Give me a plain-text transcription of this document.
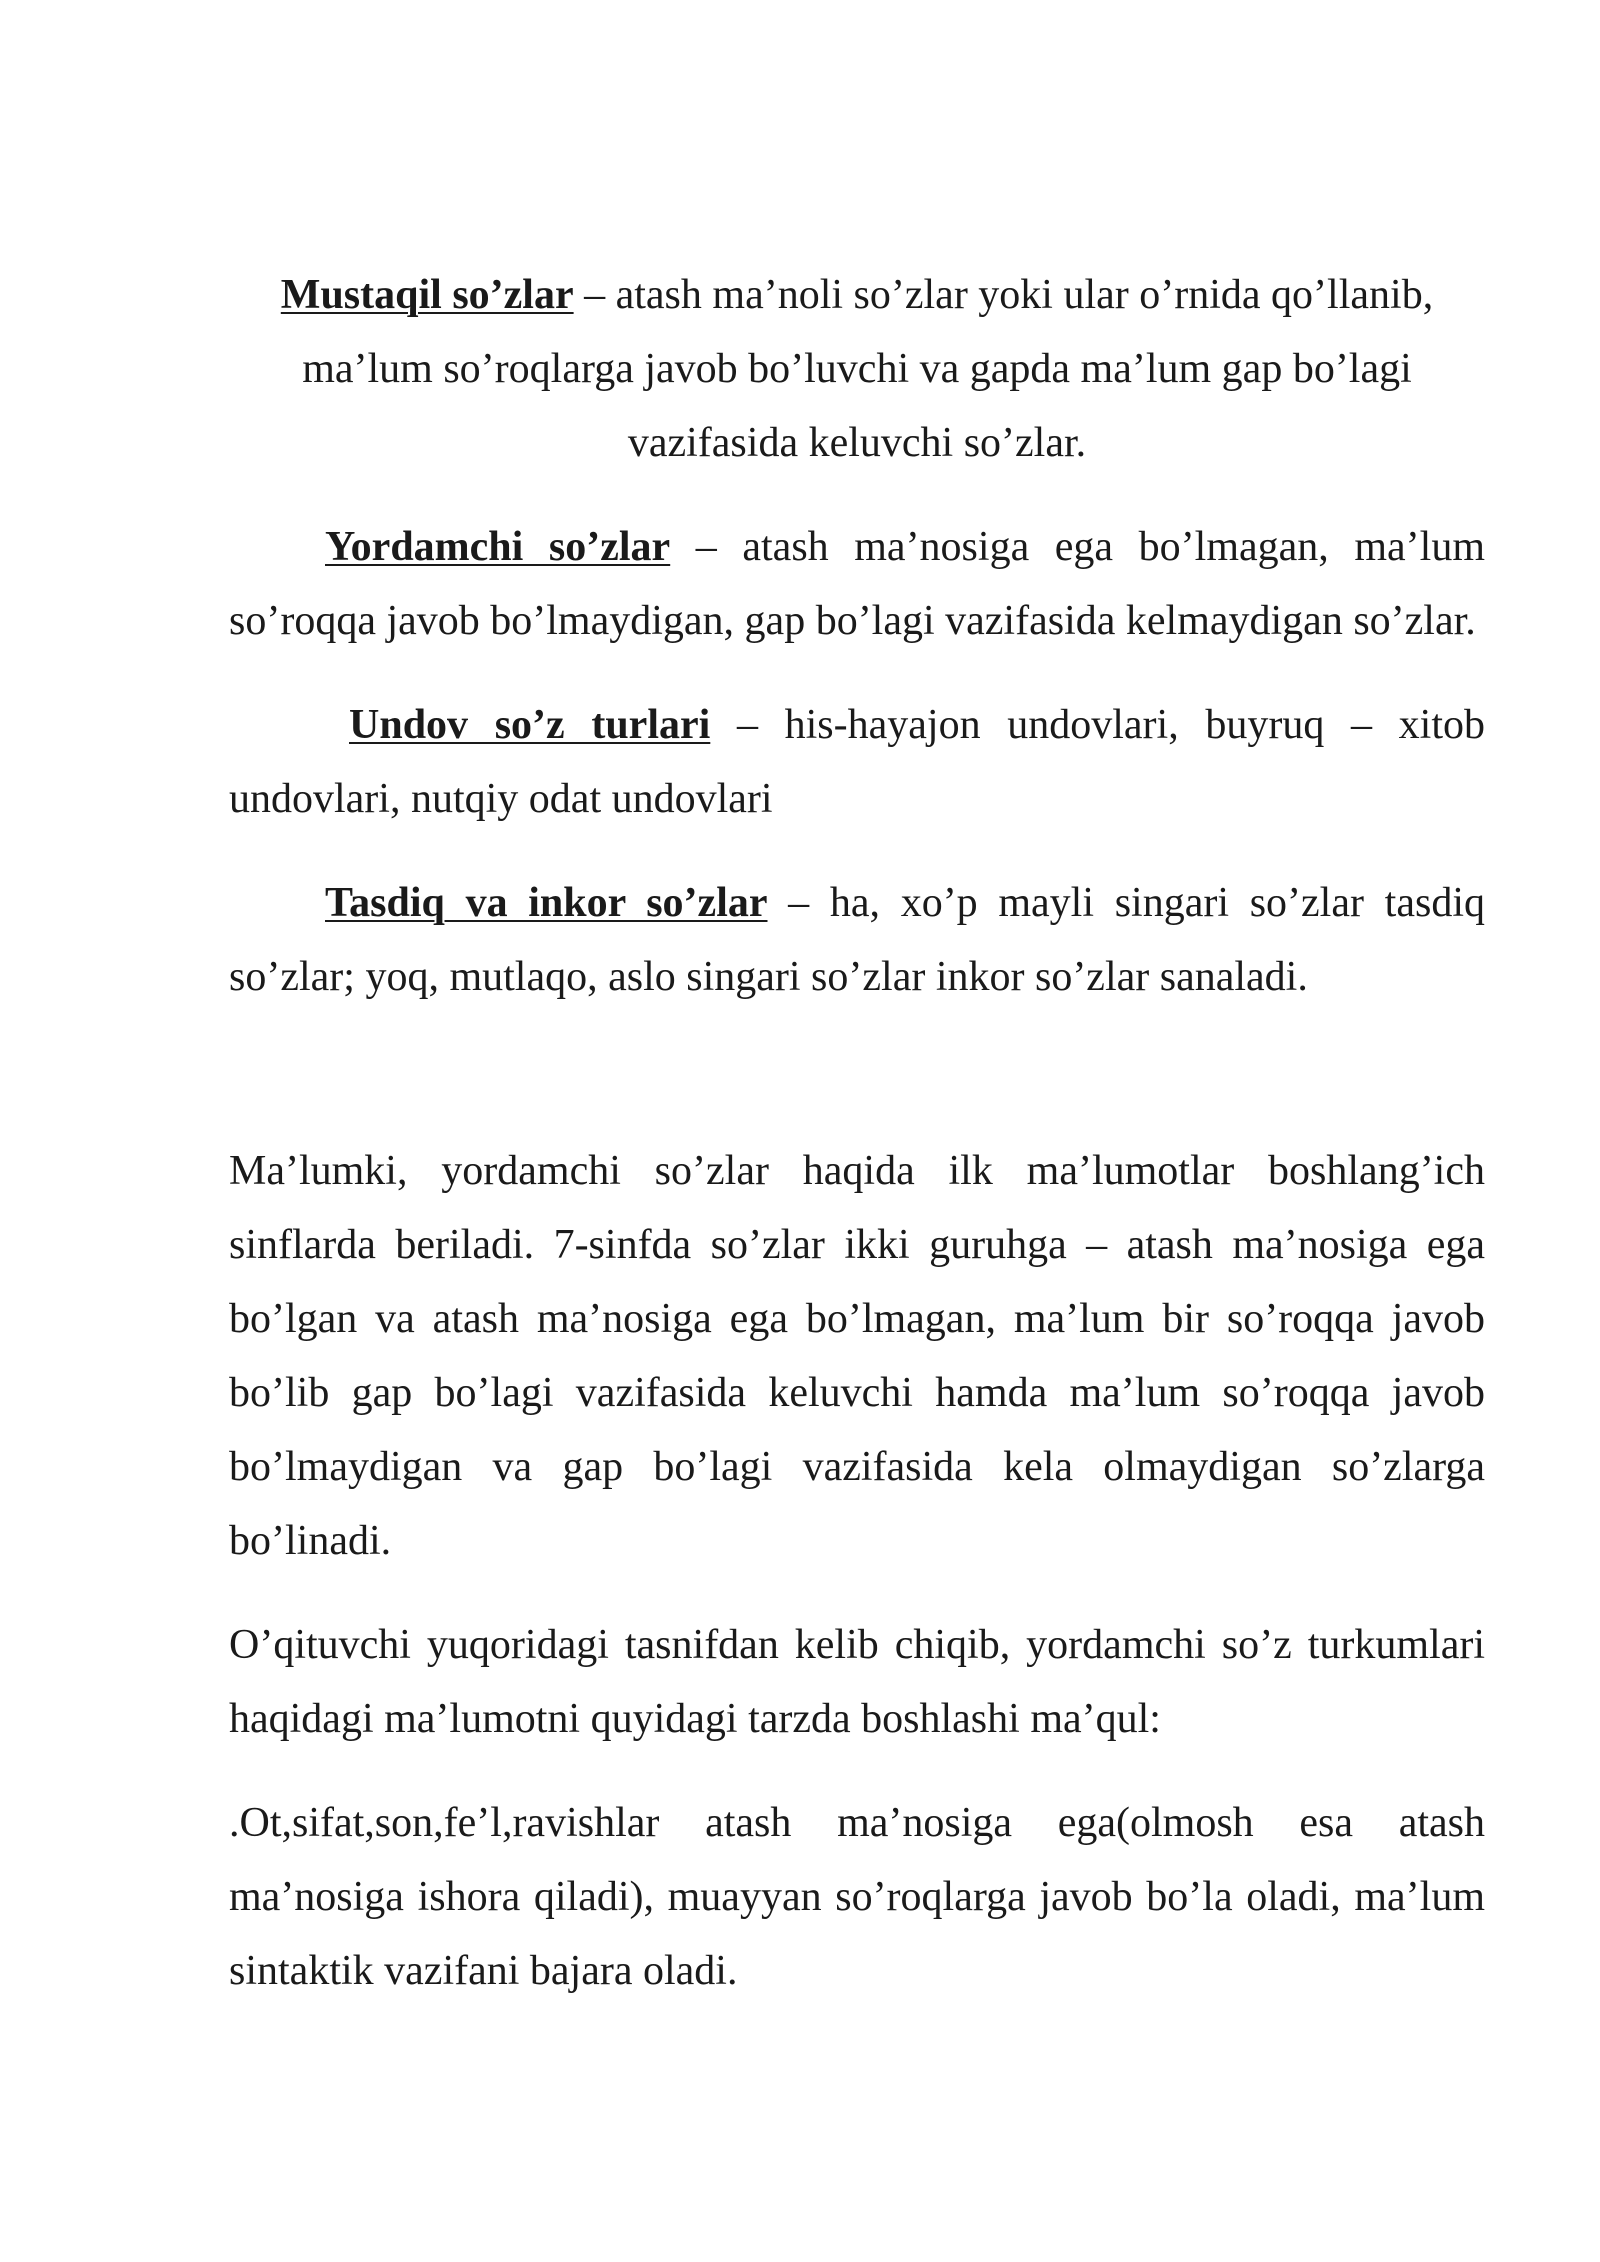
Mustaqil so’zlar – atash ma’noli so’zlar yoki ular o’rnida qo’llanib, ma’lum so’roqlarga javob bo’luvchi va gapda ma’lum gap bo’lagi vazifasida keluvchi so’zlar.

Yordamchi so’zlar – atash ma’nosiga ega bo’lmagan, ma’lum so’roqqa javob bo’lmaydigan, gap bo’lagi vazifasida kelmaydigan so’zlar.

Undov so’z turlari – his-hayajon undovlari, buyruq – xitob undovlari, nutqiy odat undovlari

Tasdiq va inkor so’zlar – ha, xo’p mayli singari so’zlar tasdiq so’zlar; yoq, mutlaqo, aslo singari so’zlar inkor so’zlar sanaladi.

Ma’lumki, yordamchi so’zlar haqida ilk ma’lumotlar boshlang’ich sinflarda beriladi. 7-sinfda so’zlar ikki guruhga – atash ma’nosiga ega bo’lgan va atash ma’nosiga ega bo’lmagan, ma’lum bir so’roqqa javob bo’lib gap bo’lagi vazifasida keluvchi hamda ma’lum so’roqqa javob bo’lmaydigan va gap bo’lagi vazifasida kela olmaydigan so’zlarga bo’linadi.

O’qituvchi yuqoridagi tasnifdan kelib chiqib, yordamchi so’z turkumlari haqidagi ma’lumotni quyidagi tarzda boshlashi ma’qul:

.Ot,sifat,son,fe’l,ravishlar atash ma’nosiga ega(olmosh esa atash ma’nosiga ishora qiladi), muayyan so’roqlarga javob bo’la oladi, ma’lum sintaktik vazifani bajara oladi.
